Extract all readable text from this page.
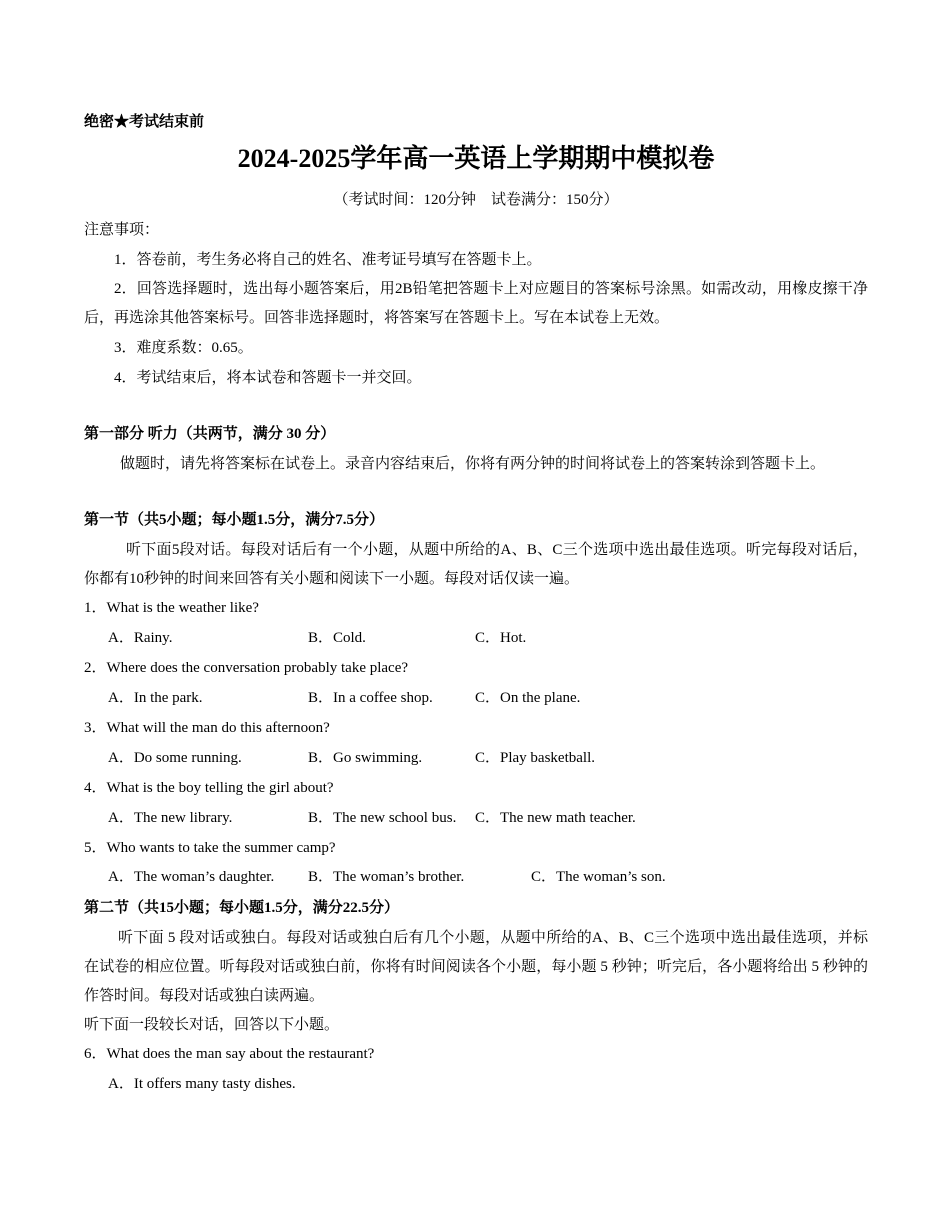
绝密★考试结束前
2024-2025学年高一英语上学期期中模拟卷
（考试时间：120分钟　试卷满分：150分）
注意事项：
1．答卷前，考生务必将自己的姓名、准考证号填写在答题卡上。
2．回答选择题时，选出每小题答案后，用2B铅笔把答题卡上对应题目的答案标号涂黑。如需改动，用橡皮擦干净后，再选涂其他答案标号。回答非选择题时，将答案写在答题卡上。写在本试卷上无效。
3．难度系数：0.65。
4．考试结束后，将本试卷和答题卡一并交回。
第一部分 听力（共两节，满分 30 分）
做题时，请先将答案标在试卷上。录音内容结束后，你将有两分钟的时间将试卷上的答案转涂到答题卡上。
第一节（共5小题；每小题1.5分，满分7.5分）
听下面5段对话。每段对话后有一个小题，从题中所给的A、B、C三个选项中选出最佳选项。听完每段对话后，你都有10秒钟的时间来回答有关小题和阅读下一小题。每段对话仅读一遍。
1．What is the weather like?
A．Rainy.	B．Cold.	C．Hot.
2．Where does the conversation probably take place?
A．In the park.	B．In a coffee shop.	C．On the plane.
3．What will the man do this afternoon?
A．Do some running.	B．Go swimming.	C．Play basketball.
4．What is the boy telling the girl about?
A．The new library.	B．The new school bus. C．The new math teacher.
5．Who wants to take the summer camp?
A．The woman’s daughter. B．The woman’s brother.	C．The woman’s son.
第二节（共15小题；每小题1.5分，满分22.5分）
听下面 5 段对话或独白。每段对话或独白后有几个小题，从题中所给的A、B、C三个选项中选出最佳选项，并标在试卷的相应位置。听每段对话或独白前，你将有时间阅读各个小题，每小题 5 秒钟；听完后，各小题将给出 5 秒钟的作答时间。每段对话或独白读两遍。
听下面一段较长对话，回答以下小题。
6．What does the man say about the restaurant?
A．It offers many tasty dishes.
